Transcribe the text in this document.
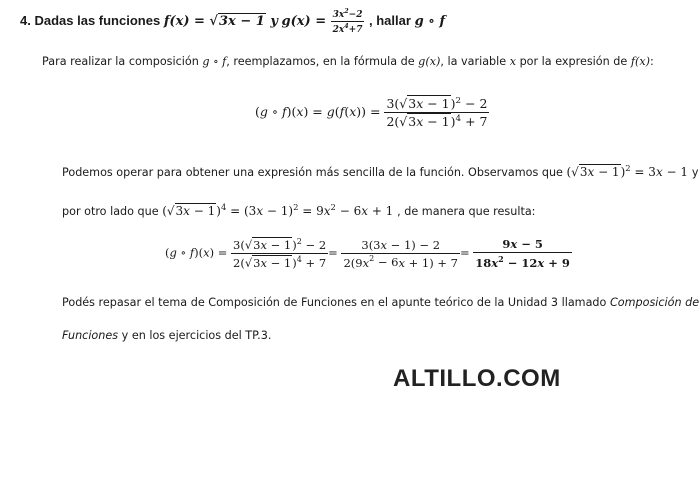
4. Dadas las funciones f(x) = √3x − 1 y $g(x) = \frac{3x^2-2}{2x^4+7}$ , hallar g ∘ f
Para realizar la composición g ∘ f, reemplazamos, en la fórmula de g(x), la variable x por la expresión de f(x):
(g ∘ $f)(x) = g(f(x)) = \frac{3(√3x - 1)^2 - 2}{2(√3x - 1)^4 + 7}$
Podemos operar para obtener una expresión más sencilla de la función. Observamos que $(√3x - 1)^2 = 3x - 1$ y
por otro lado que $(√3x - 1)^4 = (3x - 1)^2 = 9x^2 - 6x + 1$ , de manera que resulta:
(g ∘ $f)(x) = \frac{3(√3x - 1)^2 - 2}{2(√3x - 1)^4 + 7} = \frac{3(3x - 1) - 2}{2(9x^2 - 6x + 1) + 7} = \frac{9x - 5}{18x^2 - 12x + 9}$
Podés repasar el tema de Composición de Funciones en el apunte teórico de la Unidad 3 llamado Composición de
Funciones y en los ejercicios del TP.3.
ALTILLO.COM
